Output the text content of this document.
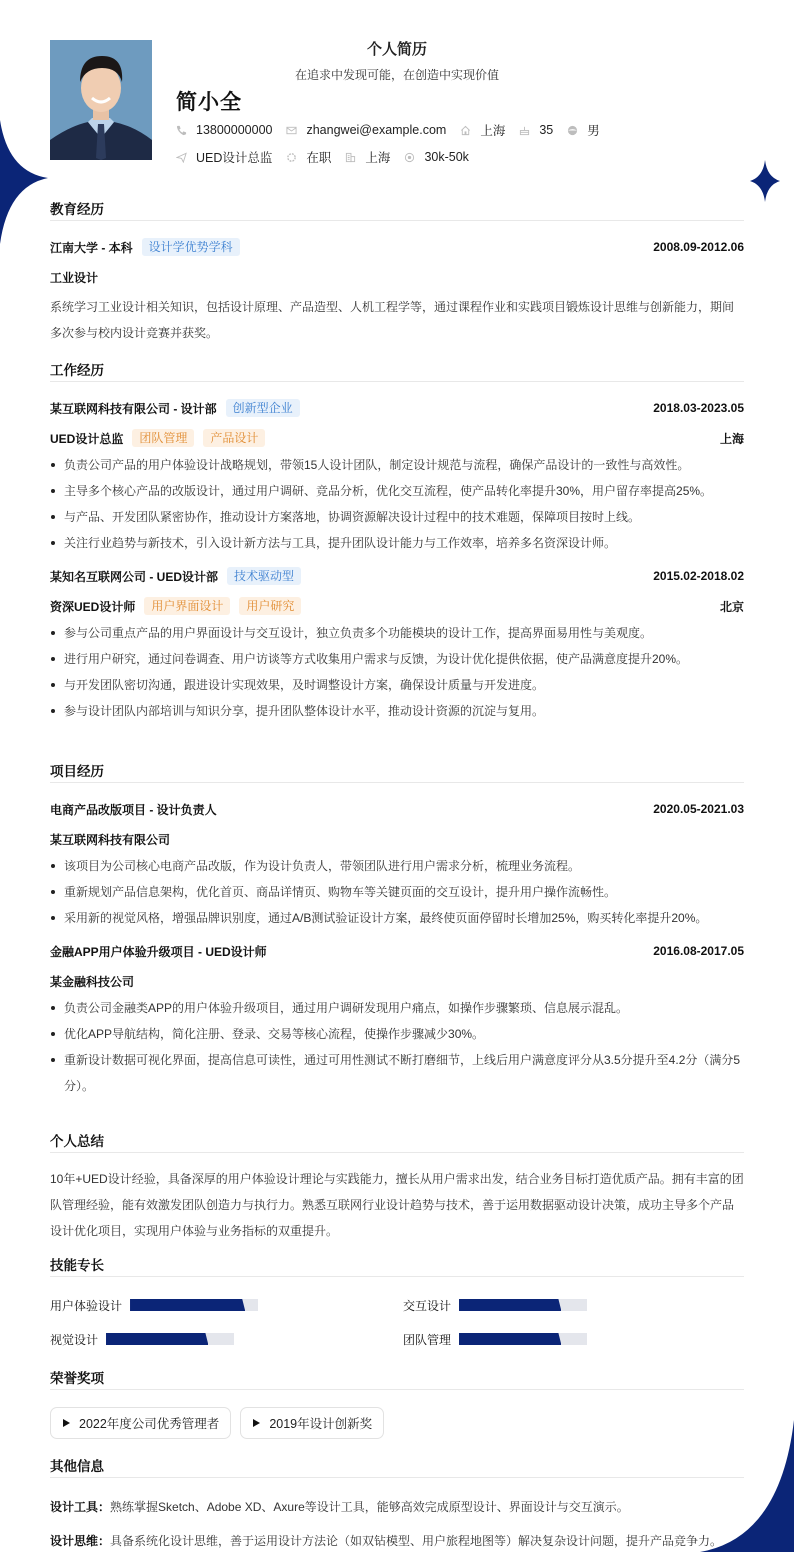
个人简历
在追求中发现可能，在创造中实现价值
简小全
13800000000	zhangwei@example.com	上海	35	男
UED设计总监	在职	上海	30k-50k
教育经历
江南大学 - 本科	设计学优势学科	2008.09-2012.06
工业设计
系统学习工业设计相关知识，包括设计原理、产品造型、人机工程学等，通过课程作业和实践项目锻炼设计思维与创新能力，期间多次参与校内设计竞赛并获奖。
工作经历
某互联网科技有限公司 - 设计部	创新型企业	2018.03-2023.05
UED设计总监	团队管理	产品设计	上海
负责公司产品的用户体验设计战略规划，带领15人设计团队，制定设计规范与流程，确保产品设计的一致性与高效性。
主导多个核心产品的改版设计，通过用户调研、竞品分析，优化交互流程，使产品转化率提升30%，用户留存率提高25%。
与产品、开发团队紧密协作，推动设计方案落地，协调资源解决设计过程中的技术难题，保障项目按时上线。
关注行业趋势与新技术，引入设计新方法与工具，提升团队设计能力与工作效率，培养多名资深设计师。
某知名互联网公司 - UED设计部	技术驱动型	2015.02-2018.02
资深UED设计师	用户界面设计	用户研究	北京
参与公司重点产品的用户界面设计与交互设计，独立负责多个功能模块的设计工作，提高界面易用性与美观度。
进行用户研究，通过问卷调查、用户访谈等方式收集用户需求与反馈，为设计优化提供依据，使产品满意度提升20%。
与开发团队密切沟通，跟进设计实现效果，及时调整设计方案，确保设计质量与开发进度。
参与设计团队内部培训与知识分享，提升团队整体设计水平，推动设计资源的沉淀与复用。
项目经历
电商产品改版项目 - 设计负责人	2020.05-2021.03
某互联网科技有限公司
该项目为公司核心电商产品改版，作为设计负责人，带领团队进行用户需求分析，梳理业务流程。
重新规划产品信息架构，优化首页、商品详情页、购物车等关键页面的交互设计，提升用户操作流畅性。
采用新的视觉风格，增强品牌识别度，通过A/B测试验证设计方案，最终使页面停留时长增加25%，购买转化率提升20%。
金融APP用户体验升级项目 - UED设计师	2016.08-2017.05
某金融科技公司
负责公司金融类APP的用户体验升级项目，通过用户调研发现用户痛点，如操作步骤繁琐、信息展示混乱。
优化APP导航结构，简化注册、登录、交易等核心流程，使操作步骤减少30%。
重新设计数据可视化界面，提高信息可读性，通过可用性测试不断打磨细节，上线后用户满意度评分从3.5分提升至4.2分（满分5分）。
个人总结
10年+UED设计经验，具备深厚的用户体验设计理论与实践能力，擅长从用户需求出发，结合业务目标打造优质产品。拥有丰富的团队管理经验，能有效激发团队创造力与执行力。熟悉互联网行业设计趋势与技术，善于运用数据驱动设计决策，成功主导多个产品设计优化项目，实现用户体验与业务指标的双重提升。
技能专长
用户体验设计	交互设计
视觉设计	团队管理
荣誉奖项
2022年度公司优秀管理者	2019年设计创新奖
其他信息
设计工具：熟练掌握Sketch、Adobe XD、Axure等设计工具，能够高效完成原型设计、界面设计与交互演示。
设计思维：具备系统化设计思维，善于运用设计方法论（如双钻模型、用户旅程地图等）解决复杂设计问题，提升产品竞争力。
